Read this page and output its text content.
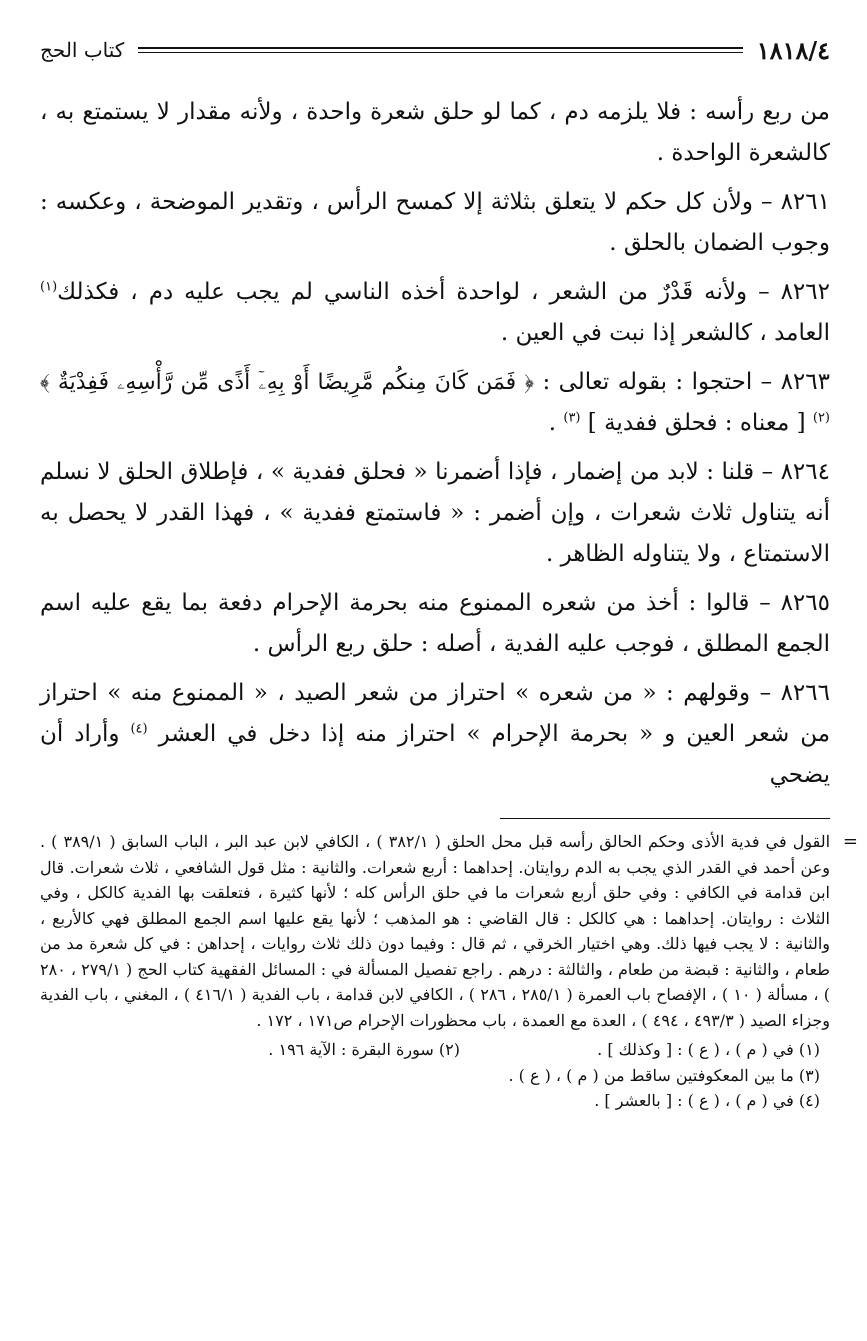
١٨١٨/٤
كتاب الحج

من ربع رأسه : فلا يلزمه دم ، كما لو حلق شعرة واحدة ، ولأنه مقدار لا يستمتع به ، كالشعرة الواحدة .

٨٢٦١ – ولأن كل حكم لا يتعلق بثلاثة إلا كمسح الرأس ، وتقدير الموضحة ، وعكسه : وجوب الضمان بالحلق .

٨٢٦٢ – ولأنه قَدْرٌ من الشعر ، لواحدة أخذه الناسي لم يجب عليه دم ، فكذلك$^{(١)}$ العامد ، كالشعر إذا نبت في العين .

٨٢٦٣ – احتجوا : بقوله تعالى : ﴿ فَمَن كَانَ مِنكُم مَّرِيضًا أَوْ بِهِۦٓ أَذًى مِّن رَّأْسِهِۦ فَفِدْيَةٌ ﴾ $^{(٢)}$ [ معناه : فحلق ففدية ] $^{(٣)}$ .

٨٢٦٤ – قلنا : لابد من إضمار ، فإذا أضمرنا « فحلق ففدية » ، فإطلاق الحلق لا نسلم أنه يتناول ثلاث شعرات ، وإن أضمر : « فاستمتع ففدية » ، فهذا القدر لا يحصل به الاستمتاع ، ولا يتناوله الظاهر .

٨٢٦٥ – قالوا : أخذ من شعره الممنوع منه بحرمة الإحرام دفعة بما يقع عليه اسم الجمع المطلق ، فوجب عليه الفدية ، أصله : حلق ربع الرأس .

٨٢٦٦ – وقولهم : « من شعره » احتراز من شعر الصيد ، « الممنوع منه » احتراز من شعر العين و « بحرمة الإحرام » احتراز منه إذا دخل في العشر $^{(٤)}$ وأراد أن يضحي

=
القول في فدية الأذى وحكم الحالق رأسه قبل محل الحلق ( ٣٨٢/١ ) ، الكافي لابن عبد البر ، الباب السابق ( ٣٨٩/١ ) . وعن أحمد في القدر الذي يجب به الدم روايتان. إحداهما : أربع شعرات. والثانية : مثل قول الشافعي ، ثلاث شعرات. قال ابن قدامة في الكافي : وفي حلق أربع شعرات ما في حلق الرأس كله ؛ لأنها كثيرة ، فتعلقت بها الفدية كالكل ، وفي الثلاث : روايتان. إحداهما : هي كالكل : قال القاضي : هو المذهب ؛ لأنها يقع عليها اسم الجمع المطلق فهي كالأربع ، والثانية : لا يجب فيها ذلك. وهي اختيار الخرقي ، ثم قال : وفيما دون ذلك ثلاث روايات ، إحداهن : في كل شعرة مد من طعام ، والثانية : قبضة من طعام ، والثالثة : درهم . راجع تفصيل المسألة في : المسائل الفقهية كتاب الحج ( ٢٧٩/١ ، ٢٨٠ ) ، مسألة ( ١٠ ) ، الإفصاح باب العمرة ( ٢٨٥/١ ، ٢٨٦ ) ، الكافي لابن قدامة ، باب الفدية ( ٤١٦/١ ) ، المغني ، باب الفدية وجزاء الصيد ( ٤٩٣/٣ ، ٤٩٤ ) ، العدة مع العمدة ، باب محظورات الإحرام ص١٧١ ، ١٧٢ .

(١) في ( م ) ، ( ع ) : [ وكذلك ] .
(٢) سورة البقرة : الآية ١٩٦ .

(٣) ما بين المعكوفتين ساقط من ( م ) ، ( ع ) .

(٤) في ( م ) ، ( ع ) : [ بالعشر ] .
